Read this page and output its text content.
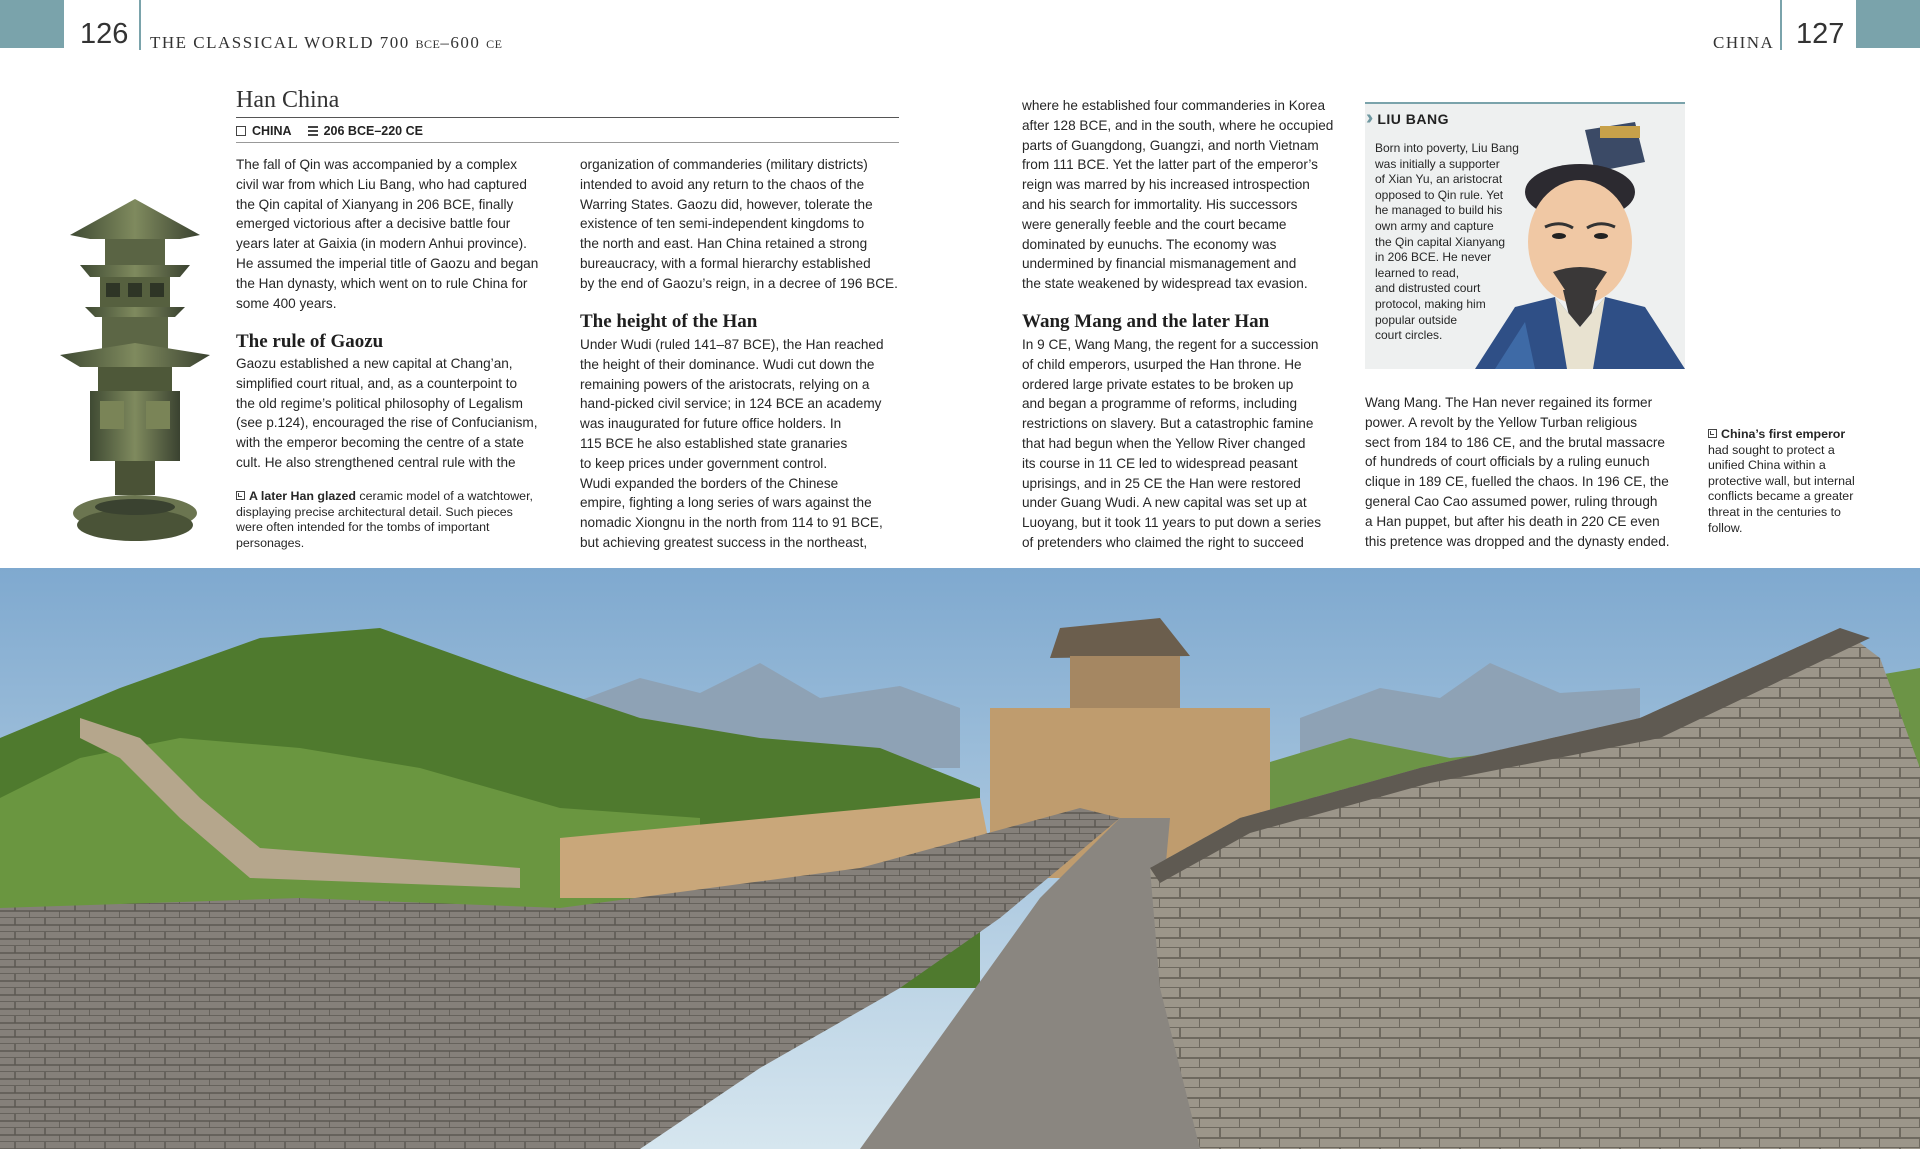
126 THE CLASSICAL WORLD 700 BCE–600 CE	CHINA 127
Han China
CHINA	206 BCE–220 CE
The fall of Qin was accompanied by a complex
civil war from which Liu Bang, who had captured
the Qin capital of Xianyang in 206 BCE, finally
emerged victorious after a decisive battle four
years later at Gaixia (in modern Anhui province).
He assumed the imperial title of Gaozu and began
the Han dynasty, which went on to rule China for
some 400 years.
The rule of Gaozu
Gaozu established a new capital at Chang’an,
simplified court ritual, and, as a counterpoint to
the old regime’s political philosophy of Legalism
(see p.124), encouraged the rise of Confucianism,
with the emperor becoming the centre of a state
cult. He also strengthened central rule with the
A later Han glazed ceramic model of a watchtower, displaying precise architectural detail. Such pieces were often intended for the tombs of important personages.
organization of commanderies (military districts)
intended to avoid any return to the chaos of the
Warring States. Gaozu did, however, tolerate the
existence of ten semi-independent kingdoms to
the north and east. Han China retained a strong
bureaucracy, with a formal hierarchy established
by the end of Gaozu’s reign, in a decree of 196 BCE.
The height of the Han
Under Wudi (ruled 141–87 BCE), the Han reached
the height of their dominance. Wudi cut down the
remaining powers of the aristocrats, relying on a
hand-picked civil service; in 124 BCE an academy
was inaugurated for future office holders. In
115 BCE he also established state granaries
to keep prices under government control.
Wudi expanded the borders of the Chinese
empire, fighting a long series of wars against the
nomadic Xiongnu in the north from 114 to 91 BCE,
but achieving greatest success in the northeast,
where he established four commanderies in Korea
after 128 BCE, and in the south, where he occupied
parts of Guangdong, Guangzi, and north Vietnam
from 111 BCE. Yet the latter part of the emperor’s
reign was marred by his increased introspection
and his search for immortality. His successors
were generally feeble and the court became
dominated by eunuchs. The economy was
undermined by financial mismanagement and
the state weakened by widespread tax evasion.
Wang Mang and the later Han
In 9 CE, Wang Mang, the regent for a succession
of child emperors, usurped the Han throne. He
ordered large private estates to be broken up
and began a programme of reforms, including
restrictions on slavery. But a catastrophic famine
that had begun when the Yellow River changed
its course in 11 CE led to widespread peasant
uprisings, and in 25 CE the Han were restored
under Guang Wudi. A new capital was set up at
Luoyang, but it took 11 years to put down a series
of pretenders who claimed the right to succeed
›› LIU BANG
Born into poverty, Liu Bang
was initially a supporter
of Xian Yu, an aristocrat
opposed to Qin rule. Yet
he managed to build his
own army and capture
the Qin capital Xianyang
in 206 BCE. He never
learned to read,
and distrusted court
protocol, making him
popular outside
court circles.
Wang Mang. The Han never regained its former
power. A revolt by the Yellow Turban religious
sect from 184 to 186 CE, and the brutal massacre
of hundreds of court officials by a ruling eunuch
clique in 189 CE, fuelled the chaos. In 196 CE, the
general Cao Cao assumed power, ruling through
a Han puppet, but after his death in 220 CE even
this pretence was dropped and the dynasty ended.
China’s first emperor had sought to protect a unified China within a protective wall, but internal conflicts became a greater threat in the centuries to follow.
